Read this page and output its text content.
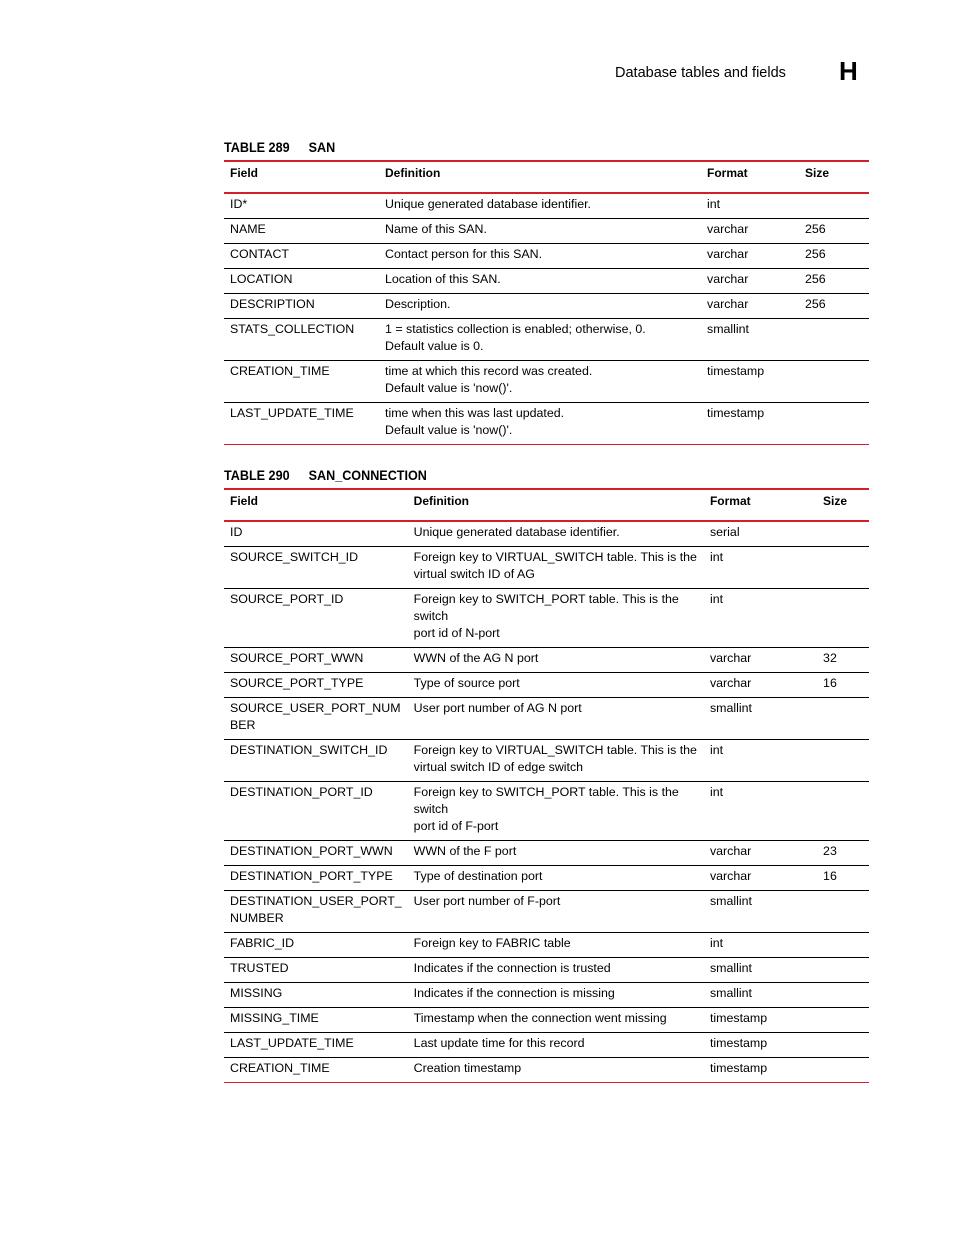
Database tables and fields H
TABLE 289 SAN
Field	Definition	Format	Size
ID*	Unique generated database identifier.	int	
NAME	Name of this SAN.	varchar	256
CONTACT	Contact person for this SAN.	varchar	256
LOCATION	Location of this SAN.	varchar	256
DESCRIPTION	Description.	varchar	256
STATS_COLLECTION	1 = statistics collection is enabled; otherwise, 0.
Default value is 0.	smallint	
CREATION_TIME	time at which this record was created.
Default value is 'now()'.	timestamp	
LAST_UPDATE_TIME	time when this was last updated.
Default value is 'now()'.	timestamp	
TABLE 290 SAN_CONNECTION
Field	Definition	Format	Size

ID	Unique generated database identifier.	serial	

SOURCE_SWITCH_ID	Foreign key to VIRTUAL_SWITCH table. This is the
virtual switch ID of AG	int	

SOURCE_PORT_ID	Foreign key to SWITCH_PORT table. This is the switch
port id of N-port	int	

SOURCE_PORT_WWN	WWN of the AG N port	varchar	32

SOURCE_PORT_TYPE	Type of source port	varchar	16

SOURCE_USER_PORT_NUM
BER	User port number of AG N port	smallint	

DESTINATION_SWITCH_ID	Foreign key to VIRTUAL_SWITCH table. This is the
virtual switch ID of edge switch	int	

DESTINATION_PORT_ID	Foreign key to SWITCH_PORT table. This is the switch
port id of F-port	int	

DESTINATION_PORT_WWN	WWN of the F port	varchar	23

DESTINATION_PORT_TYPE	Type of destination port	varchar	16

DESTINATION_USER_PORT_
NUMBER	User port number of F-port	smallint	

FABRIC_ID	Foreign key to FABRIC table	int	

TRUSTED	Indicates if the connection is trusted	smallint	

MISSING	Indicates if the connection is missing	smallint	

MISSING_TIME	Timestamp when the connection went missing	timestamp	

LAST_UPDATE_TIME	Last update time for this record	timestamp	

CREATION_TIME	Creation timestamp	timestamp	
